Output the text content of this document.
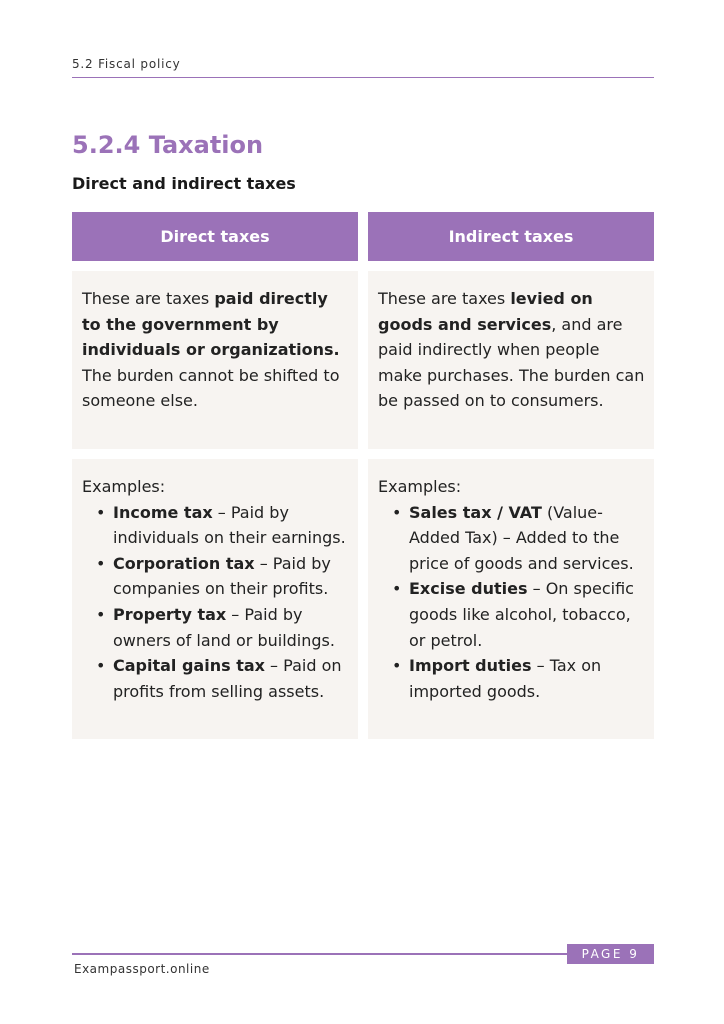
5.2 Fiscal policy
5.2.4 Taxation
Direct and indirect taxes
Direct taxes	Indirect taxes
These are taxes paid directly to the government by individuals or organizations. The burden cannot be shifted to someone else.
These are taxes levied on goods and services, and are paid indirectly when people make purchases. The burden can be passed on to consumers.
Examples:
• Income tax – Paid by individuals on their earnings.
• Corporation tax – Paid by companies on their profits.
• Property tax – Paid by owners of land or buildings.
• Capital gains tax – Paid on profits from selling assets.
Examples:
• Sales tax / VAT (Value-Added Tax) – Added to the price of goods and services.
• Excise duties – On specific goods like alcohol, tobacco, or petrol.
• Import duties – Tax on imported goods.
PAGE 9
Exampassport.online
